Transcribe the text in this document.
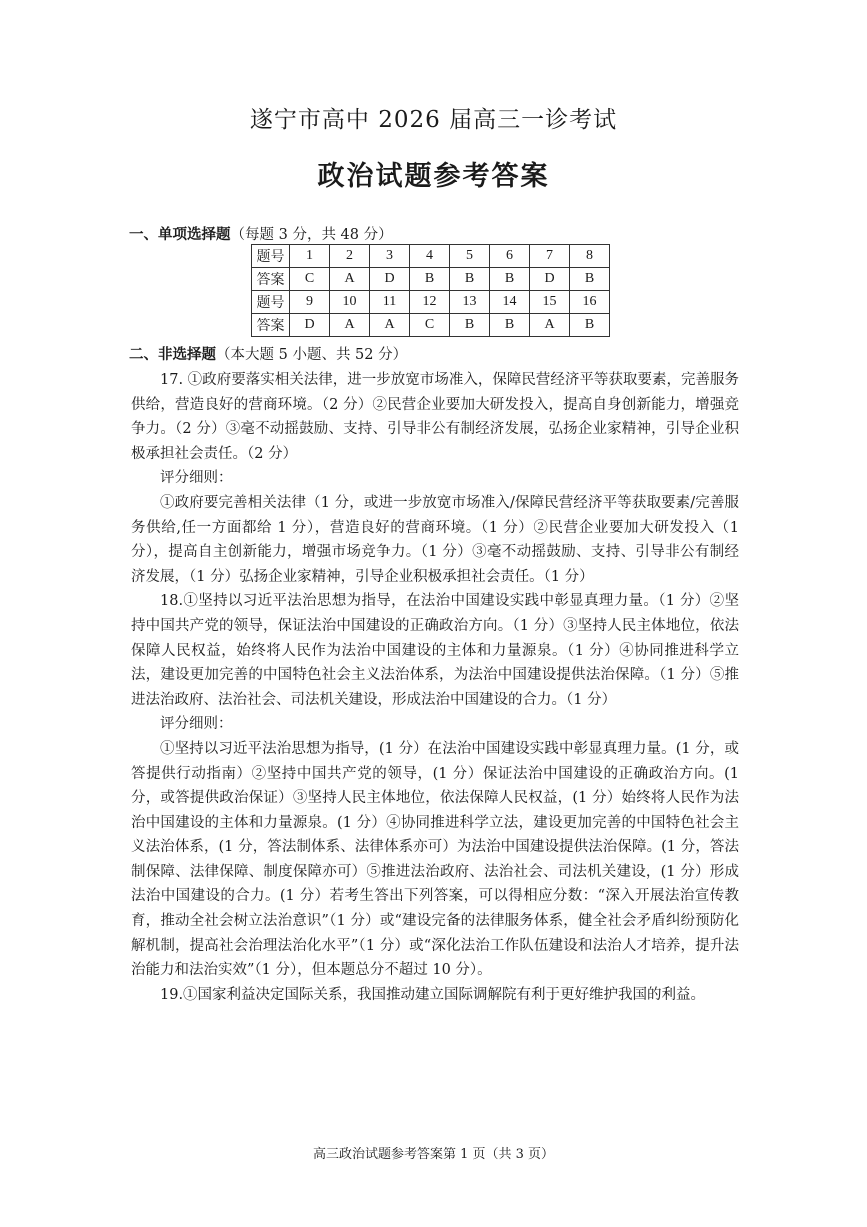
遂宁市高中 2026 届高三一诊考试
政治试题参考答案
一、单项选择题（每题 3 分，共 48 分）
题号	1	2	3	4	5	6	7	8
答案	C	A	D	B	B	B	D	B
题号	9	10	11	12	13	14	15	16
答案	D	A	A	C	B	B	A	B
二、非选择题（本大题 5 小题、共 52 分）

17. ①政府要落实相关法律，进一步放宽市场准入，保障民营经济平等获取要素，完善服务供给，营造良好的营商环境。（2 分）②民营企业要加大研发投入，提高自身创新能力，增强竞争力。（2 分）③毫不动摇鼓励、支持、引导非公有制经济发展，弘扬企业家精神，引导企业积极承担社会责任。（2 分）

评分细则：

①政府要完善相关法律（1 分，或进一步放宽市场准入/保障民营经济平等获取要素/完善服务供给,任一方面都给 1 分），营造良好的营商环境。（1 分）②民营企业要加大研发投入（1 分），提高自主创新能力，增强市场竞争力。（1 分）③毫不动摇鼓励、支持、引导非公有制经济发展，（1 分）弘扬企业家精神，引导企业积极承担社会责任。（1 分）

18.①坚持以习近平法治思想为指导，在法治中国建设实践中彰显真理力量。（1 分）②坚持中国共产党的领导，保证法治中国建设的正确政治方向。（1 分）③坚持人民主体地位，依法保障人民权益，始终将人民作为法治中国建设的主体和力量源泉。（1 分）④协同推进科学立法，建设更加完善的中国特色社会主义法治体系，为法治中国建设提供法治保障。（1 分）⑤推进法治政府、法治社会、司法机关建设，形成法治中国建设的合力。（1 分）

评分细则：

①坚持以习近平法治思想为指导，(1 分）在法治中国建设实践中彰显真理力量。(1 分，或答提供行动指南）②坚持中国共产党的领导，(1 分）保证法治中国建设的正确政治方向。(1 分，或答提供政治保证）③坚持人民主体地位，依法保障人民权益，(1 分）始终将人民作为法治中国建设的主体和力量源泉。(1 分）④协同推进科学立法，建设更加完善的中国特色社会主义法治体系，(1 分，答法制体系、法律体系亦可）为法治中国建设提供法治保障。(1 分，答法制保障、法律保障、制度保障亦可）⑤推进法治政府、法治社会、司法机关建设，(1 分）形成法治中国建设的合力。(1 分）若考生答出下列答案，可以得相应分数：“深入开展法治宣传教育，推动全社会树立法治意识”（1 分）或“建设完备的法律服务体系，健全社会矛盾纠纷预防化解机制，提高社会治理法治化水平”（1 分）或“深化法治工作队伍建设和法治人才培养，提升法治能力和法治实效”（1 分），但本题总分不超过 10 分）。

19.①国家利益决定国际关系，我国推动建立国际调解院有利于更好维护我国的利益。

高三政治试题参考答案第 1 页（共 3 页）
